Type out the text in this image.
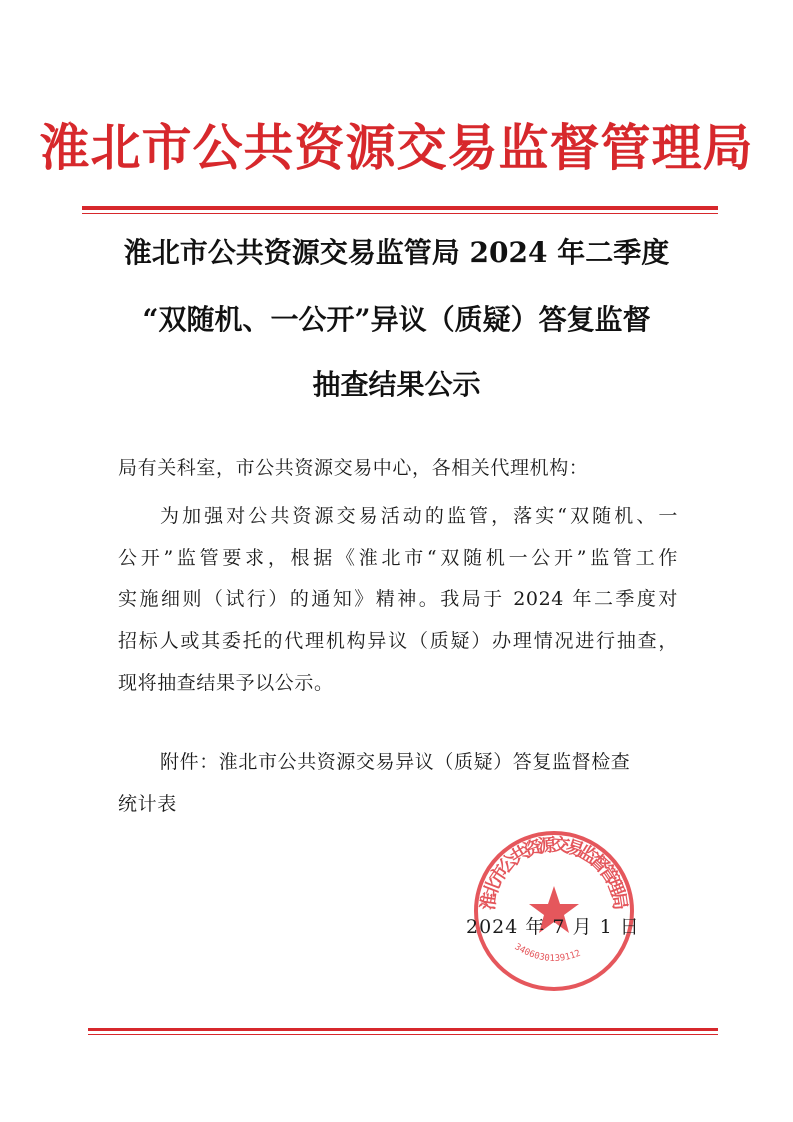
淮北市公共资源交易监督管理局
淮北市公共资源交易监管局 2024 年二季度
“双随机、一公开”异议（质疑）答复监督
抽查结果公示
局有关科室，市公共资源交易中心，各相关代理机构：
为加强对公共资源交易活动的监管，落实“双随机、一
公开”监管要求，根据《淮北市“双随机一公开”监管工作
实施细则（试行）的通知》精神。我局于 2024 年二季度对
招标人或其委托的代理机构异议（质疑）办理情况进行抽查，
现将抽查结果予以公示。
附件：淮北市公共资源交易异议（质疑）答复监督检查
统计表
淮北市公共资源交易监督管理局
3406030139112
2024 年 7 月 1 日
